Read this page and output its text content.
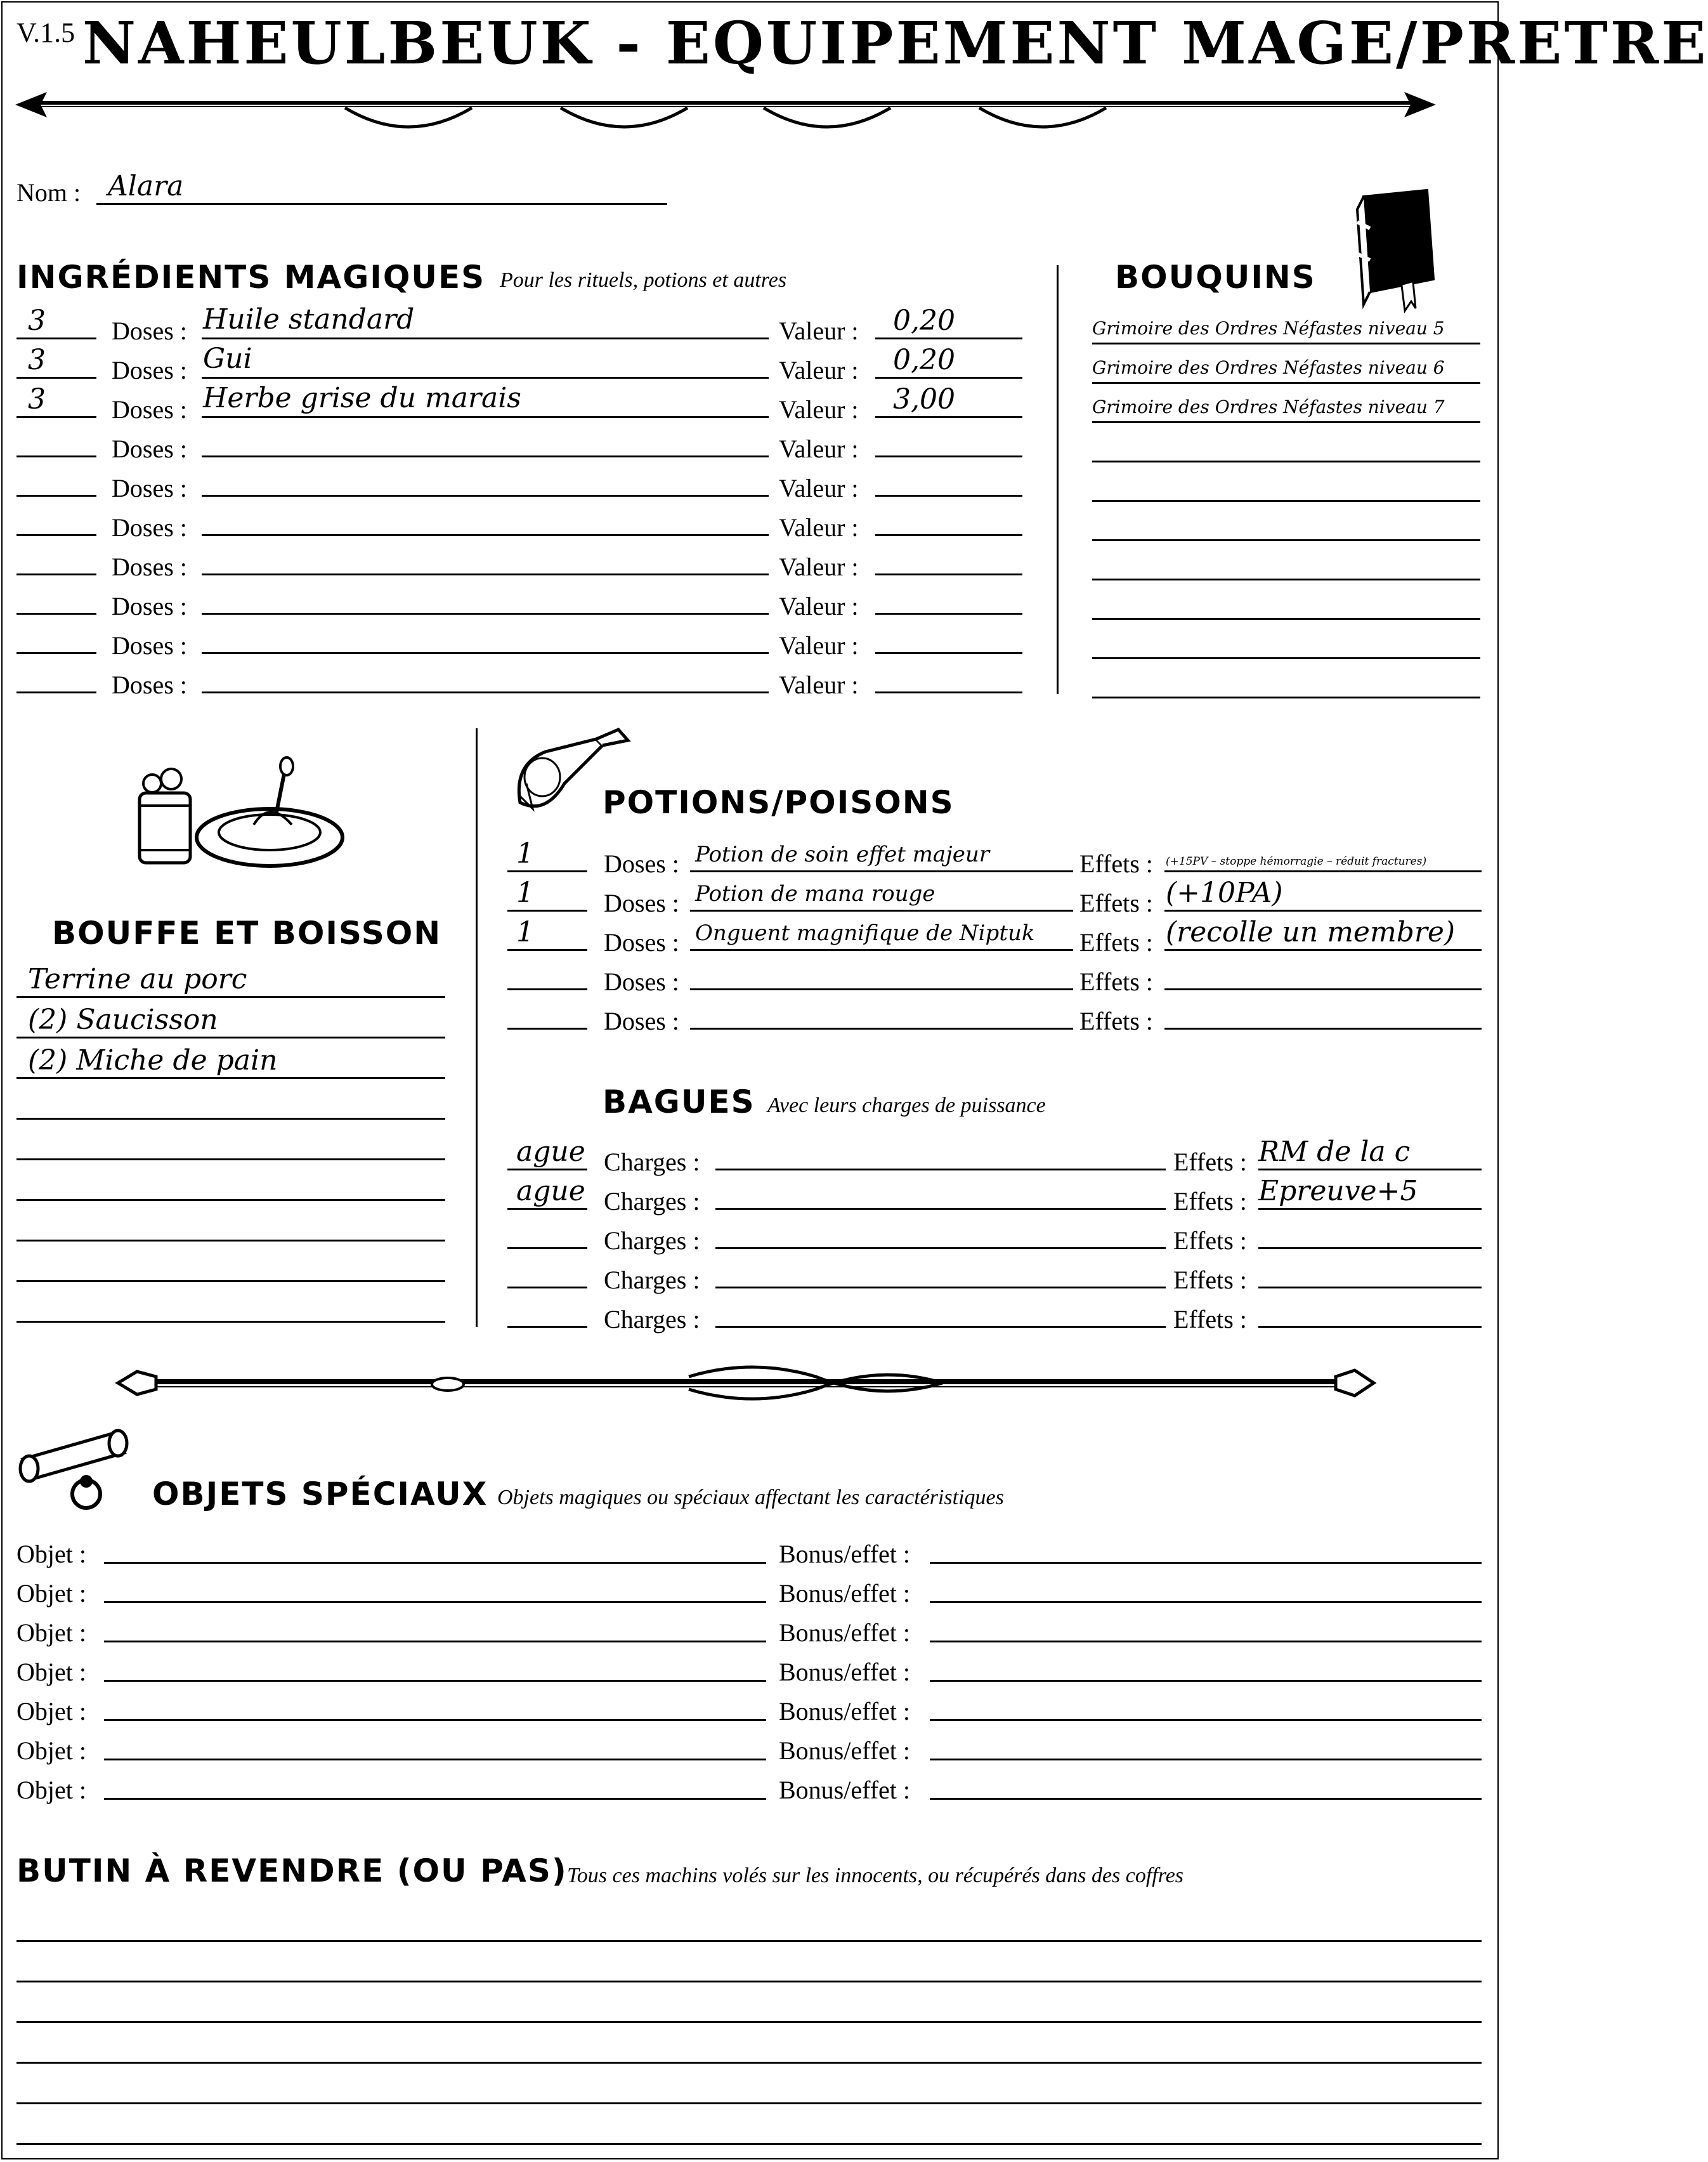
V.1.5 NAHEULBEUK - EQUIPEMENT MAGE/PRETRE
Nom : Alara
INGRÉDIENTS MAGIQUES Pour les rituels, potions et autres
3	Doses : Huile standard	Valeur : 0,20
3	Doses : Gui	Valeur : 0,20
3	Doses : Herbe grise du marais	Valeur : 3,00
Doses :	Valeur :
Doses :	Valeur :
Doses :	Valeur :
Doses :	Valeur :
Doses :	Valeur :
Doses :	Valeur :
Doses :	Valeur :
BOUQUINS
Grimoire des Ordres Néfastes niveau 5
Grimoire des Ordres Néfastes niveau 6
Grimoire des Ordres Néfastes niveau 7
BOUFFE ET BOISSON
Terrine au porc
(2) Saucisson
(2) Miche de pain
POTIONS/POISONS
1	Doses : Potion de soin effet majeur	Effets : (+15PV – stoppe hémorragie – réduit fractures)
1	Doses : Potion de mana rouge	Effets : (+10PA)
1	Doses : Onguent magnifique de Niptuk Effets : (recolle un membre)
Doses :	Effets :
Doses :	Effets :
BAGUES Avec leurs charges de puissance
ague Charges :	Effets : RM de la c
ague Charges :	Effets : Epreuve+5
Charges :	Effets :
Charges :	Effets :
Charges :	Effets :
OBJETS SPÉCIAUX Objets magiques ou spéciaux affectant les caractéristiques
Objet :	Bonus/effet :
Objet :	Bonus/effet :
Objet :	Bonus/effet :
Objet :	Bonus/effet :
Objet :	Bonus/effet :
Objet :	Bonus/effet :
Objet :	Bonus/effet :
BUTIN À REVENDRE (OU PAS) Tous ces machins volés sur les innocents, ou récupérés dans des coffres
